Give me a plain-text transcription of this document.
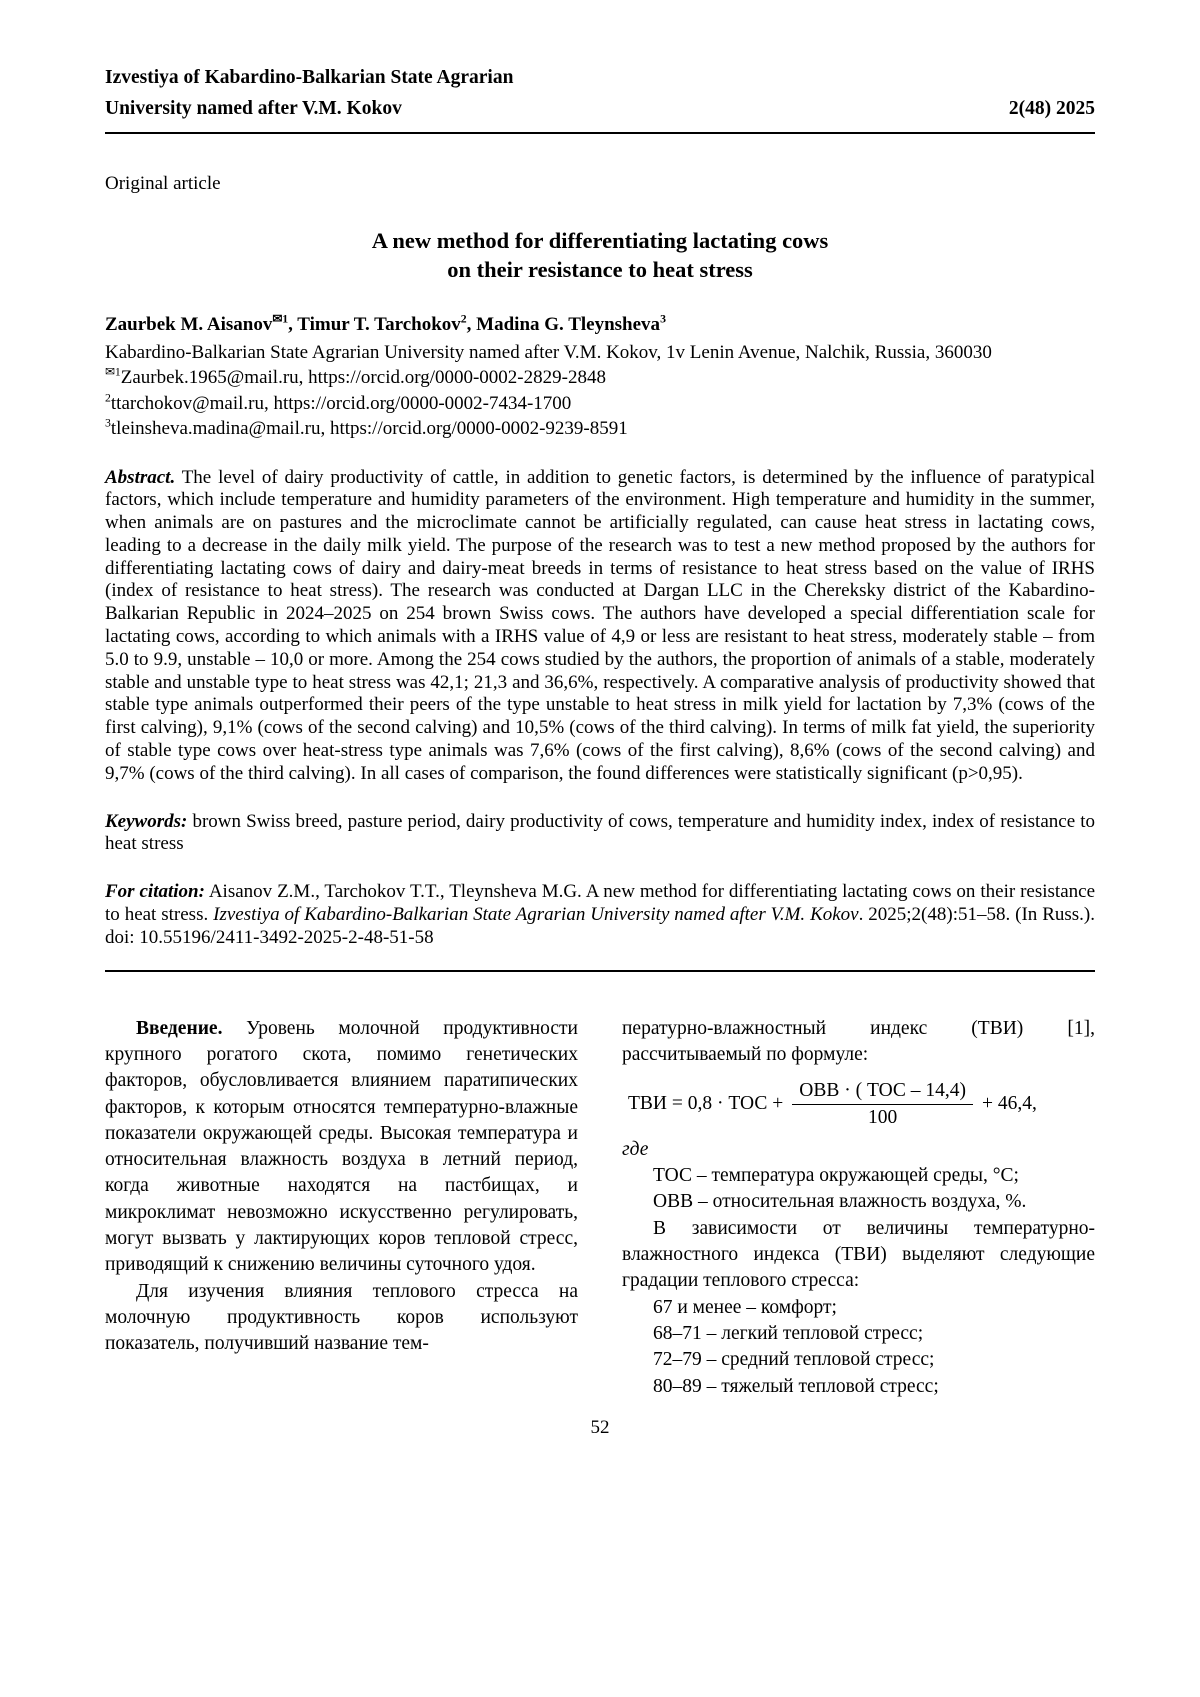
Izvestiya of Kabardino-Balkarian State Agrarian
University named after V.M. Kokov	2(48) 2025

Original article

A new method for differentiating lactating cows
on their resistance to heat stress

Zaurbek M. Aisanov$^{✉1}$, Timur T. Tarchokov$^2$, Madina G. Tleynsheva$^3$

Kabardino-Balkarian State Agrarian University named after V.M. Kokov, 1v Lenin Avenue, Nalchik, Russia, 360030

$^{✉1}$Zaurbek.1965@mail.ru, https://orcid.org/0000-0002-2829-2848

$^2$ttarchokov@mail.ru, https://orcid.org/0000-0002-7434-1700

$^3$tleinsheva.madina@mail.ru, https://orcid.org/0000-0002-9239-8591

Abstract. The level of dairy productivity of cattle, in addition to genetic factors, is determined by the influence of paratypical factors, which include temperature and humidity parameters of the environment. High temperature and humidity in the summer, when animals are on pastures and the microclimate cannot be artificially regulated, can cause heat stress in lactating cows, leading to a decrease in the daily milk yield. The purpose of the research was to test a new method proposed by the authors for differentiating lactating cows of dairy and dairy-meat breeds in terms of resistance to heat stress based on the value of IRHS (index of resistance to heat stress). The research was conducted at Dargan LLC in the Chereksky district of the Kabardino-Balkarian Republic in 2024–2025 on 254 brown Swiss cows. The authors have developed a special differentiation scale for lactating cows, according to which animals with a IRHS value of 4,9 or less are resistant to heat stress, moderately stable – from 5.0 to 9.9, unstable – 10,0 or more. Among the 254 cows studied by the authors, the proportion of animals of a stable, moderately stable and unstable type to heat stress was 42,1; 21,3 and 36,6%, respectively. A comparative analysis of productivity showed that stable type animals outperformed their peers of the type unstable to heat stress in milk yield for lactation by 7,3% (cows of the first calving), 9,1% (cows of the second calving) and 10,5% (cows of the third calving). In terms of milk fat yield, the superiority of stable type cows over heat-stress type animals was 7,6% (cows of the first calving), 8,6% (cows of the second calving) and 9,7% (cows of the third calving). In all cases of comparison, the found differences were statistically significant (p>0,95).

Keywords: brown Swiss breed, pasture period, dairy productivity of cows, temperature and humidity index, index of resistance to heat stress

For citation: Aisanov Z.M., Tarchokov T.T., Tleynsheva M.G. A new method for differentiating lactating cows on their resistance to heat stress. Izvestiya of Kabardino-Balkarian State Agrarian University named after V.M. Kokov. 2025;2(48):51–58. (In Russ.). doi: 10.55196/2411-3492-2025-2-48-51-58

Введение. Уровень молочной продуктивности крупного рогатого скота, помимо генетических факторов, обусловливается влиянием паратипических факторов, к которым относятся температурно-влажные показатели окружающей среды. Высокая температура и относительная влажность воздуха в летний период, когда животные находятся на пастбищах, и микроклимат невозможно искусственно регулировать, могут вызвать у лактирующих коров тепловой стресс, приводящий к снижению величины суточного удоя.

Для изучения влияния теплового стресса на молочную продуктивность коров используют показатель, получивший название тем-

пературно-влажностный индекс (ТВИ) [1], рассчитываемый по формуле:

ТВИ = 0,8 · ТОС + $\frac{\text{ОВВ · ( ТОС – 14,4)}}{100} + 46,4$,

где

ТОС – температура окружающей среды, °С;

ОВВ – относительная влажность воздуха, %.

В зависимости от величины температурно-влажностного индекса (ТВИ) выделяют следующие градации теплового стресса:

67 и менее – комфорт;

68–71 – легкий тепловой стресс;

72–79 – средний тепловой стресс;

80–89 – тяжелый тепловой стресс;

52
